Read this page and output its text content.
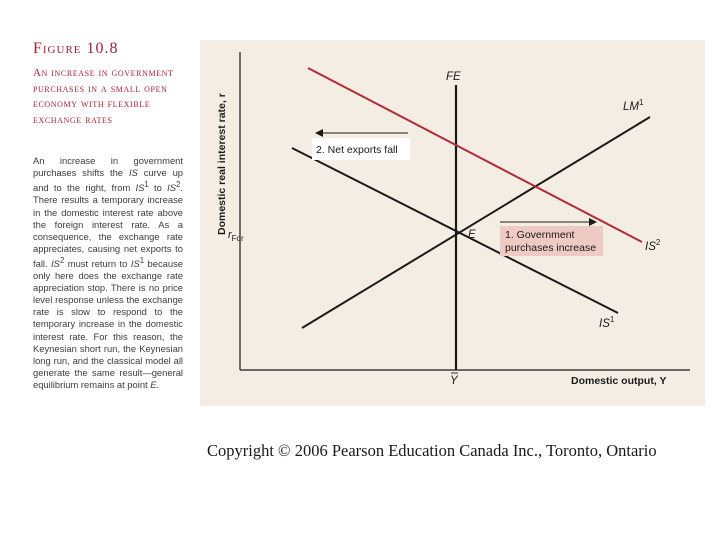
Figure 10.8
An increase in government purchases in a small open economy with flexible exchange rates
An increase in government purchases shifts the IS curve up and to the right, from $IS^1$ to $IS^2$. There results a temporary increase in the domestic interest rate above the foreign interest rate. As a consequence, the exchange rate appreciates, causing net exports to fall. $IS^2$ must return to $IS^1$ because only here does the exchange rate appreciation stop. There is no price level response unless the exchange rate is slow to respond to the temporary increase in the domestic interest rate. For this reason, the Keynesian short run, the Keynesian long run, and the classical model all generate the same result—general equilibrium remains at point E.
Domestic real interest rate, r $r_{For}$
FE
$LM^1$
$IS^1$
$IS^2$
E
Y	Domestic output, Y
1. Government
purchases increase
2. Net exports fall
Copyright © 2006 Pearson Education Canada Inc., Toronto, Ontario
